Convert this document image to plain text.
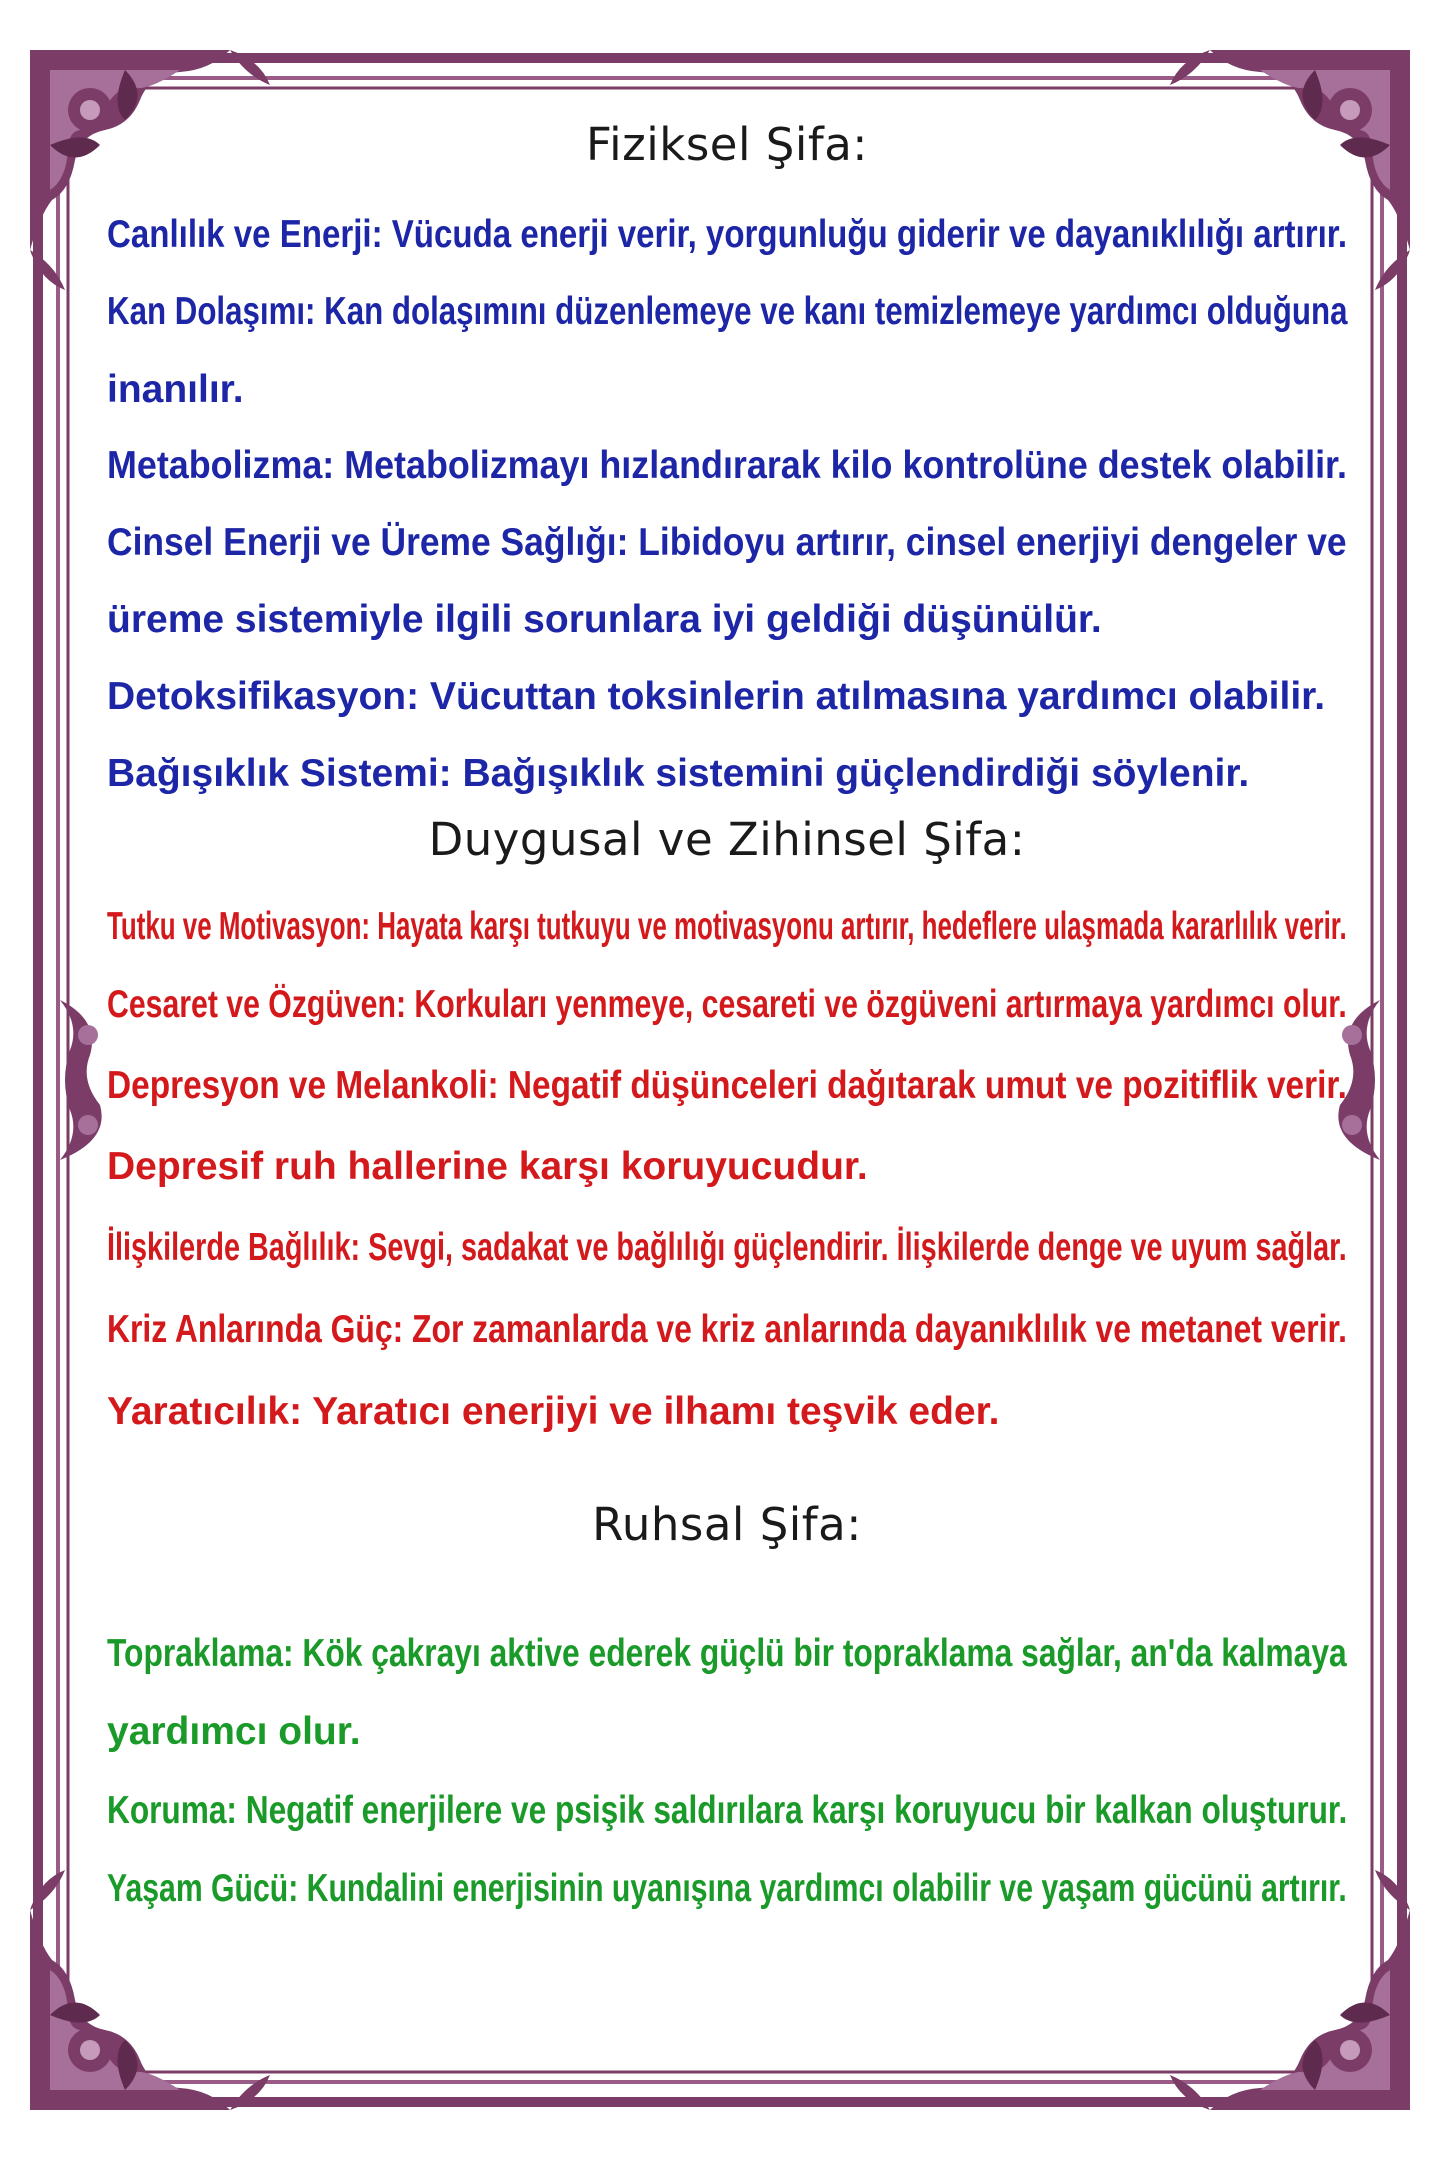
Fiziksel Şifa:
Canlılık ve Enerji: Vücuda enerji verir, yorgunluğu giderir ve dayanıklılığı artırır.
Kan Dolaşımı: Kan dolaşımını düzenlemeye ve kanı temizlemeye yardımcı olduğuna
inanılır.
Metabolizma: Metabolizmayı hızlandırarak kilo kontrolüne destek olabilir.
Cinsel Enerji ve Üreme Sağlığı: Libidoyu artırır, cinsel enerjiyi dengeler ve
üreme sistemiyle ilgili sorunlara iyi geldiği düşünülür.
Detoksifikasyon: Vücuttan toksinlerin atılmasına yardımcı olabilir.
Bağışıklık Sistemi: Bağışıklık sistemini güçlendirdiği söylenir.
Duygusal ve Zihinsel Şifa:
Tutku ve Motivasyon: Hayata karşı tutkuyu ve motivasyonu artırır, hedeflere ulaşmada kararlılık verir.
Cesaret ve Özgüven: Korkuları yenmeye, cesareti ve özgüveni artırmaya yardımcı olur.
Depresyon ve Melankoli: Negatif düşünceleri dağıtarak umut ve pozitiflik verir.
Depresif ruh hallerine karşı koruyucudur.
İlişkilerde Bağlılık: Sevgi, sadakat ve bağlılığı güçlendirir. İlişkilerde denge ve uyum sağlar.
Kriz Anlarında Güç: Zor zamanlarda ve kriz anlarında dayanıklılık ve metanet verir.
Yaratıcılık: Yaratıcı enerjiyi ve ilhamı teşvik eder.
Ruhsal Şifa:
Topraklama: Kök çakrayı aktive ederek güçlü bir topraklama sağlar, an'da kalmaya
yardımcı olur.
Koruma: Negatif enerjilere ve psişik saldırılara karşı koruyucu bir kalkan oluşturur.
Yaşam Gücü: Kundalini enerjisinin uyanışına yardımcı olabilir ve yaşam gücünü artırır.
